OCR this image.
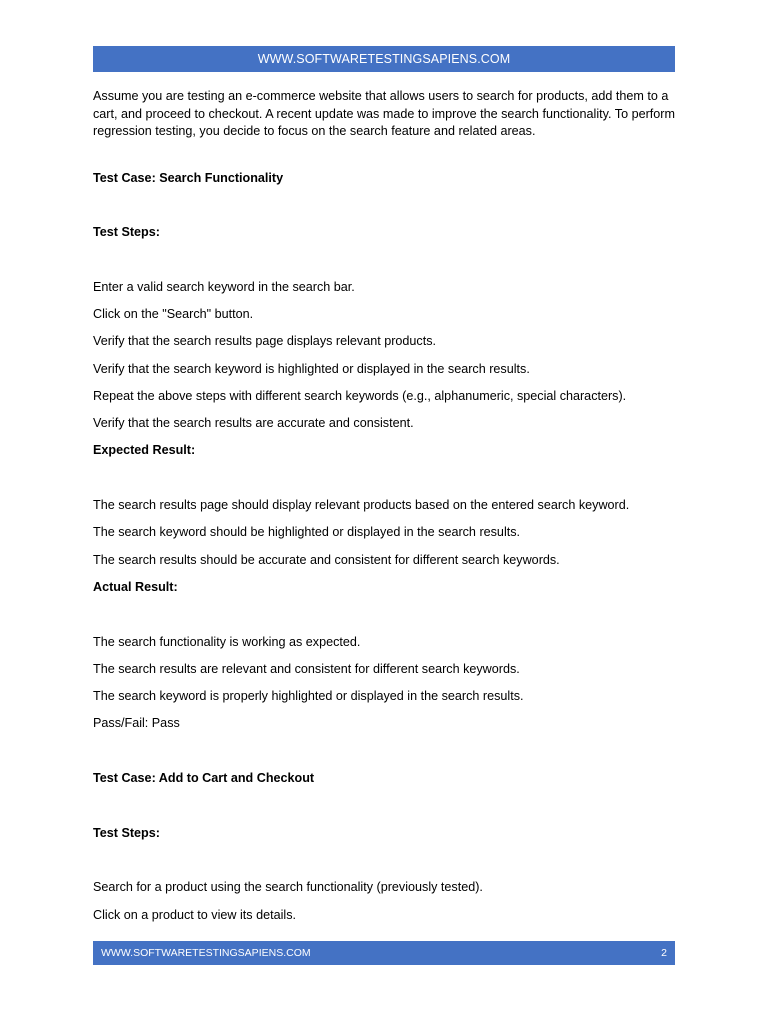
WWW.SOFTWARETESTINGSAPIENS.COM

Assume you are testing an e-commerce website that allows users to search for products, add them to a cart, and proceed to checkout. A recent update was made to improve the search functionality. To perform regression testing, you decide to focus on the search feature and related areas.

Test Case: Search Functionality
Test Steps:
Enter a valid search keyword in the search bar.
Click on the "Search" button.
Verify that the search results page displays relevant products.
Verify that the search keyword is highlighted or displayed in the search results.
Repeat the above steps with different search keywords (e.g., alphanumeric, special characters).
Verify that the search results are accurate and consistent.
Expected Result:
The search results page should display relevant products based on the entered search keyword.
The search keyword should be highlighted or displayed in the search results.
The search results should be accurate and consistent for different search keywords.
Actual Result:
The search functionality is working as expected.
The search results are relevant and consistent for different search keywords.
The search keyword is properly highlighted or displayed in the search results.
Pass/Fail: Pass
Test Case: Add to Cart and Checkout
Test Steps:
Search for a product using the search functionality (previously tested).
Click on a product to view its details.
WWW.SOFTWARETESTINGSAPIENS.COM	2
